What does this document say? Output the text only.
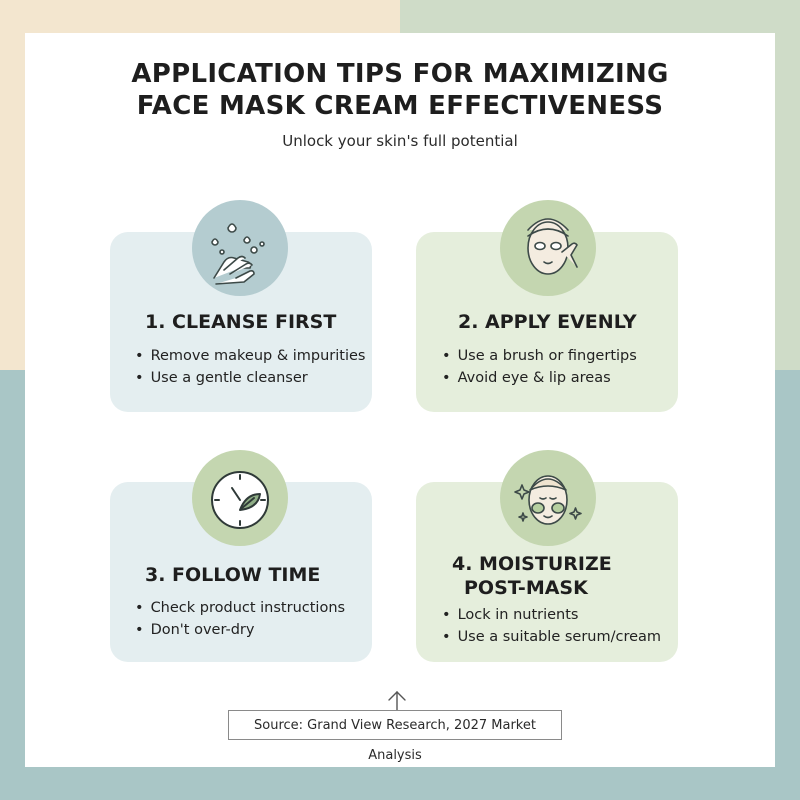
APPLICATION TIPS FOR MAXIMIZING
FACE MASK CREAM EFFECTIVENESS
Unlock your skin's full potential
1. CLEANSE FIRST	2. APPLY EVENLY
3. FOLLOW TIME	4. MOISTURIZE
POST-MASK
• Remove makeup & impurities
• Use a gentle cleanser
• Use a brush or fingertips
• Avoid eye & lip areas
• Check product instructions
• Don't over-dry
• Lock in nutrients
• Use a suitable serum/cream
Source: Grand View Research, 2027 Market Analysis
